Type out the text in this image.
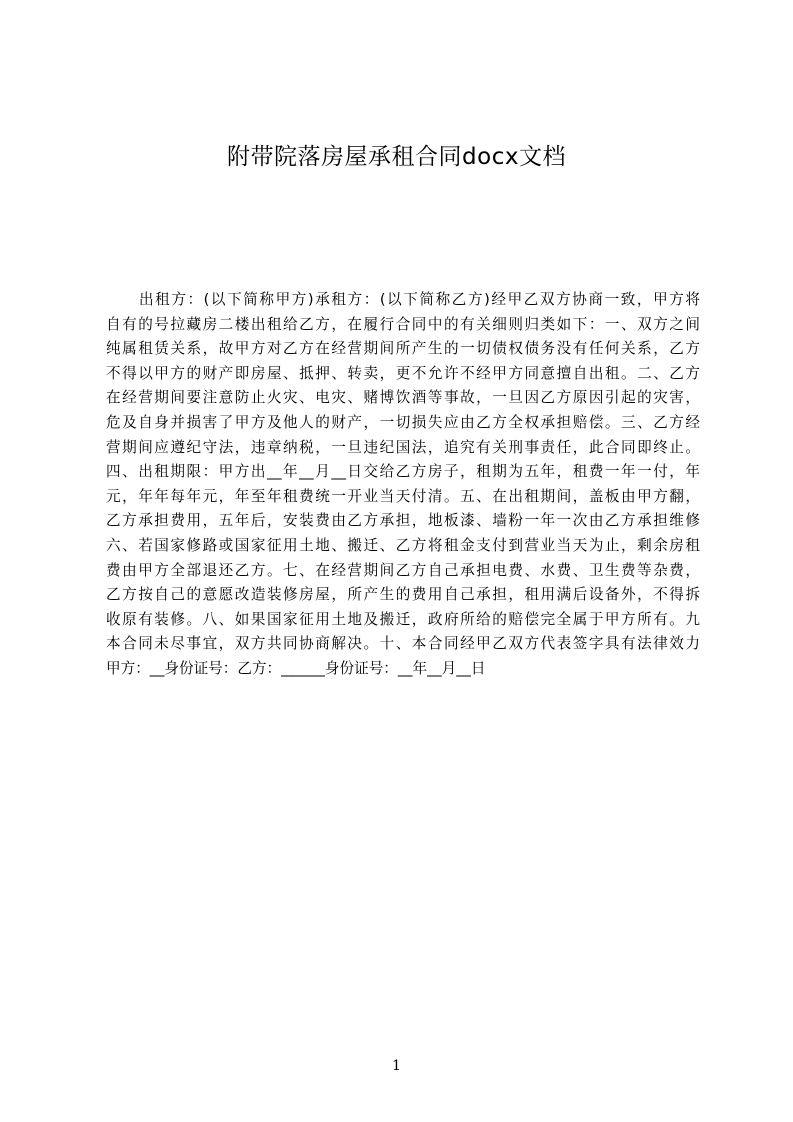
附带院落房屋承租合同docx文档
出租方：(以下简称甲方)承租方：(以下简称乙方)经甲乙双方协商一致，甲方将
自有的号拉藏房二楼出租给乙方，在履行合同中的有关细则归类如下：一、双方之间
纯属租赁关系，故甲方对乙方在经营期间所产生的一切债权债务没有任何关系，乙方
不得以甲方的财产即房屋、抵押、转卖，更不允许不经甲方同意擅自出租。二、乙方
在经营期间要注意防止火灾、电灾、赌博饮酒等事故，一旦因乙方原因引起的灾害，
危及自身并损害了甲方及他人的财产，一切损失应由乙方全权承担赔偿。三、乙方经
营期间应遵纪守法，违章纳税，一旦违纪国法，追究有关刑事责任，此合同即终止。
四、出租期限：甲方出__年__月__日交给乙方房子，租期为五年，租费一年一付，年
元，年年每年元，年至年租费统一开业当天付清。五、在出租期间，盖板由甲方翻，
乙方承担费用，五年后，安装费由乙方承担，地板漆、墙粉一年一次由乙方承担维修
六、若国家修路或国家征用土地、搬迁、乙方将租金支付到营业当天为止，剩余房租
费由甲方全部退还乙方。七、在经营期间乙方自己承担电费、水费、卫生费等杂费，
乙方按自己的意愿改造装修房屋，所产生的费用自己承担，租用满后设备外，不得拆
收原有装修。八、如果国家征用土地及搬迁，政府所给的赔偿完全属于甲方所有。九
本合同未尽事宜，双方共同协商解决。十、本合同经甲乙双方代表签字具有法律效力
甲方：__身份证号：乙方：______身份证号：__年__月__日
1
